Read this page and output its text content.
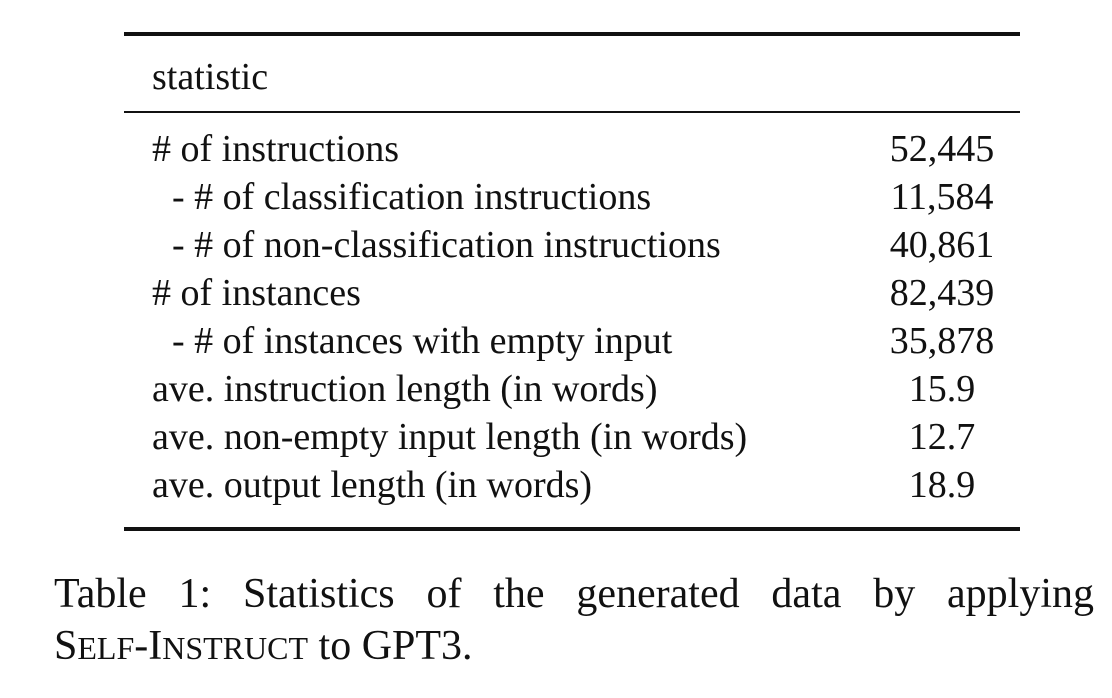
statistic
# of instructions	52,445
- # of classification instructions	11,584
- # of non-classification instructions	40,861
# of instances	82,439
- # of instances with empty input	35,878
ave. instruction length (in words)	15.9
ave. non-empty input length (in words)	12.7
ave. output length (in words)	18.9
Table 1: Statistics of the generated data by applying
SELF-INSTRUCT to GPT3.
